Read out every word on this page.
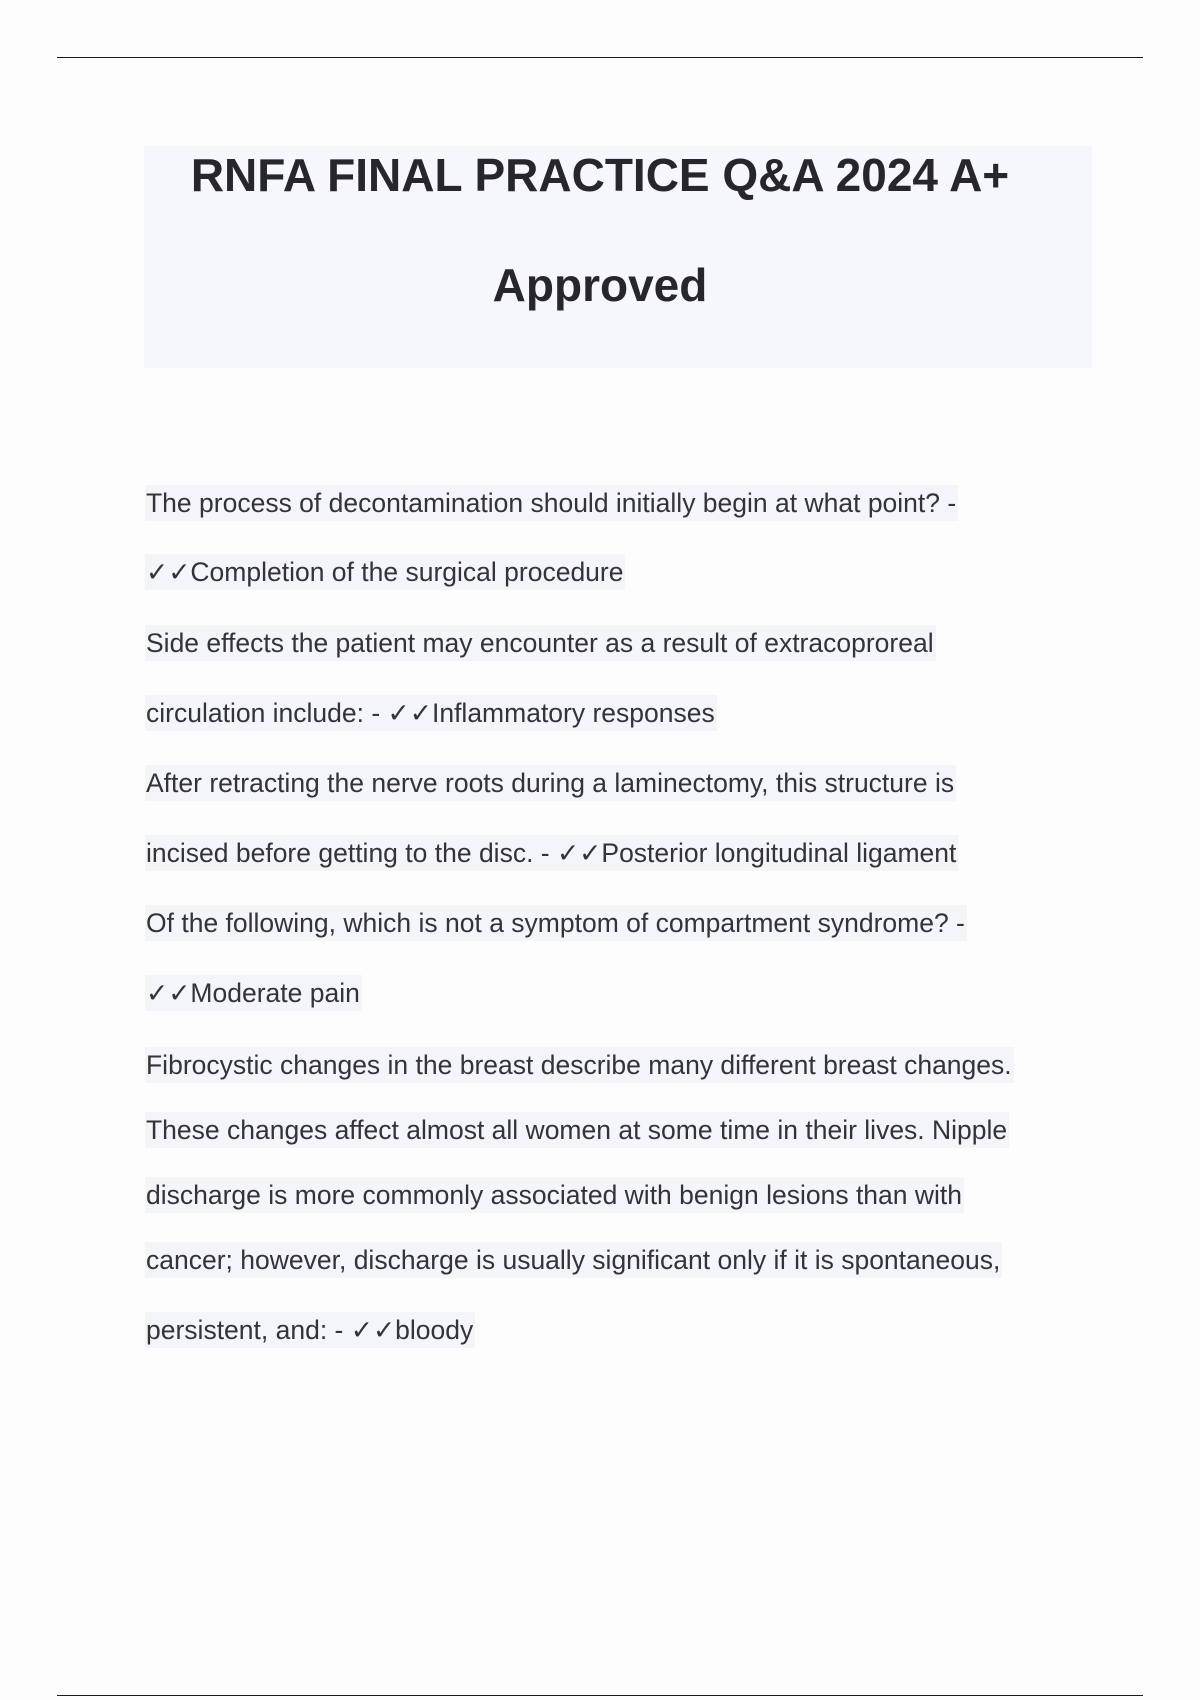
RNFA FINAL PRACTICE Q&A 2024 A+
Approved
The process of decontamination should initially begin at what point? -
✓✓Completion of the surgical procedure
Side effects the patient may encounter as a result of extracoproreal
circulation include: - ✓✓Inflammatory responses
After retracting the nerve roots during a laminectomy, this structure is
incised before getting to the disc. - ✓✓Posterior longitudinal ligament
Of the following, which is not a symptom of compartment syndrome? -
✓✓Moderate pain
Fibrocystic changes in the breast describe many different breast changes.
These changes affect almost all women at some time in their lives. Nipple
discharge is more commonly associated with benign lesions than with
cancer; however, discharge is usually significant only if it is spontaneous,
persistent, and: - ✓✓bloody
